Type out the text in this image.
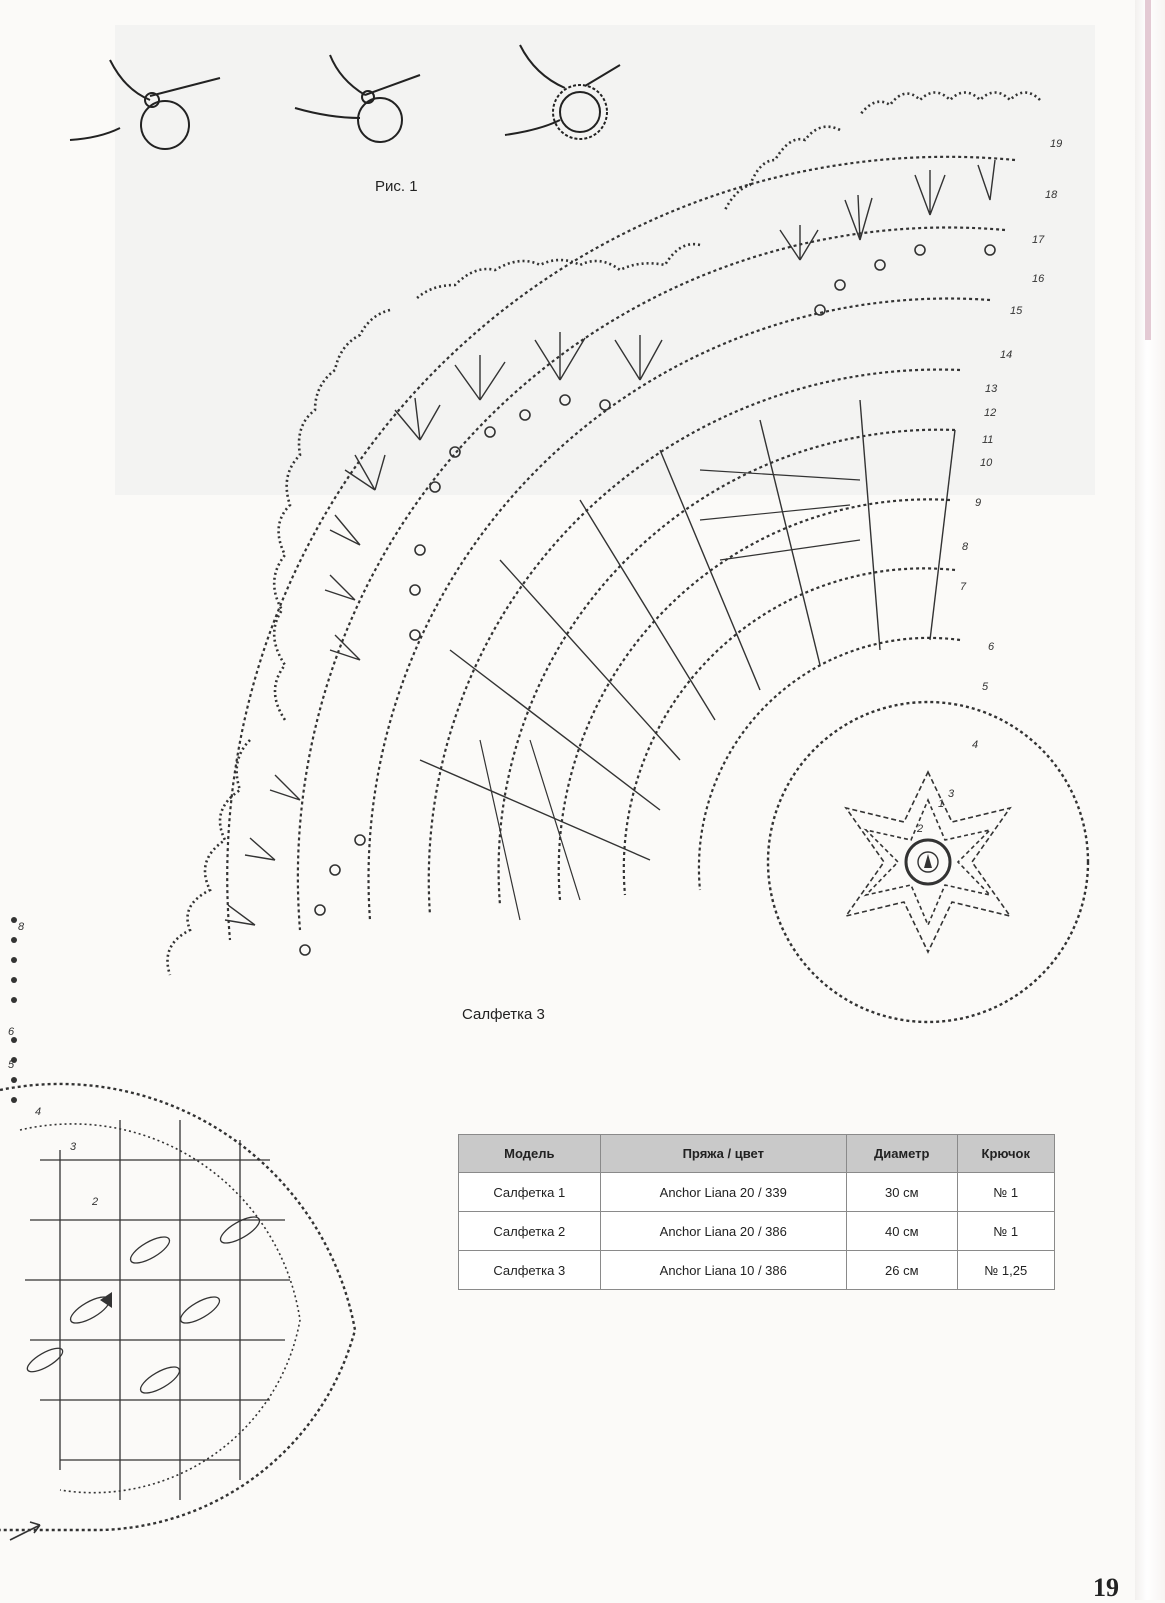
1
2
3
4
5
6
7
8
9
10
11
12
13
14
15
16
17
18
19
2
3
4
5
6
8
Рис. 1
Салфетка 3
Модель	Пряжа / цвет	Диаметр	Крючок
Салфетка 1	Anchor Liana 20 / 339	30 см	№ 1
Салфетка 2	Anchor Liana 20 / 386	40 см	№ 1
Салфетка 3	Anchor Liana 10 / 386	26 см	№ 1,25
19
